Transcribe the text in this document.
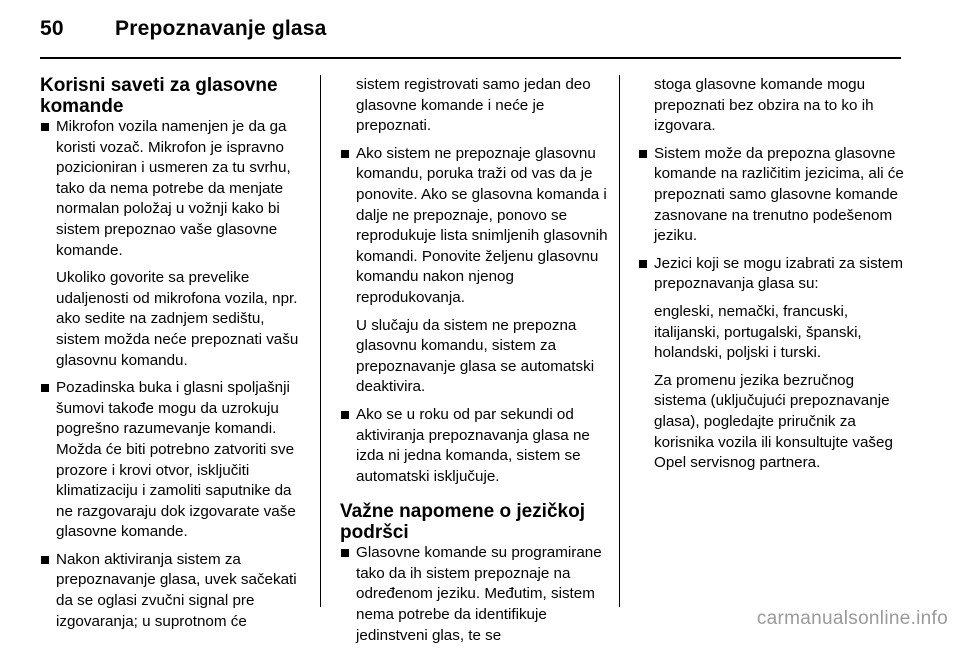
50 Prepoznavanje glasa
Korisni saveti za glasovne komande
Mikrofon vozila namenjen je da ga koristi vozač. Mikrofon je ispravno pozicioniran i usmeren za tu svrhu, tako da nema potrebe da menjate normalan položaj u vožnji kako bi sistem prepoznao vaše glasovne komande.
Ukoliko govorite sa prevelike udaljenosti od mikrofona vozila, npr. ako sedite na zadnjem sedištu, sistem možda neće prepoznati vašu glasovnu komandu.
Pozadinska buka i glasni spoljašnji šumovi takođe mogu da uzrokuju pogrešno razumevanje komandi. Možda će biti potrebno zatvoriti sve prozore i krovi otvor, isključiti klimatizaciju i zamoliti saputnike da ne razgovaraju dok izgovarate vaše glasovne komande.
Nakon aktiviranja sistem za prepoznavanje glasa, uvek sačekati da se oglasi zvučni signal pre izgovaranja; u suprotnom će
sistem registrovati samo jedan deo glasovne komande i neće je prepoznati.
Ako sistem ne prepoznaje glasovnu komandu, poruka traži od vas da je ponovite. Ako se glasovna komanda i dalje ne prepoznaje, ponovo se reprodukuje lista snimljenih glasovnih komandi. Ponovite željenu glasovnu komandu nakon njenog reprodukovanja.
U slučaju da sistem ne prepozna glasovnu komandu, sistem za prepoznavanje glasa se automatski deaktivira.
Ako se u roku od par sekundi od aktiviranja prepoznavanja glasa ne izda ni jedna komanda, sistem se automatski isključuje.
Važne napomene o jezičkoj podršci
Glasovne komande su programirane tako da ih sistem prepoznaje na određenom jeziku. Međutim, sistem nema potrebe da identifikuje jedinstveni glas, te se
stoga glasovne komande mogu prepoznati bez obzira na to ko ih izgovara.
Sistem može da prepozna glasovne komande na različitim jezicima, ali će prepoznati samo glasovne komande zasnovane na trenutno podešenom jeziku.
Jezici koji se mogu izabrati za sistem prepoznavanja glasa su:
engleski, nemački, francuski, italijanski, portugalski, španski, holandski, poljski i turski.
Za promenu jezika bezručnog sistema (uključujući prepoznavanje glasa), pogledajte priručnik za korisnika vozila ili konsultujte vašeg Opel servisnog partnera.
carmanualsonline.info
